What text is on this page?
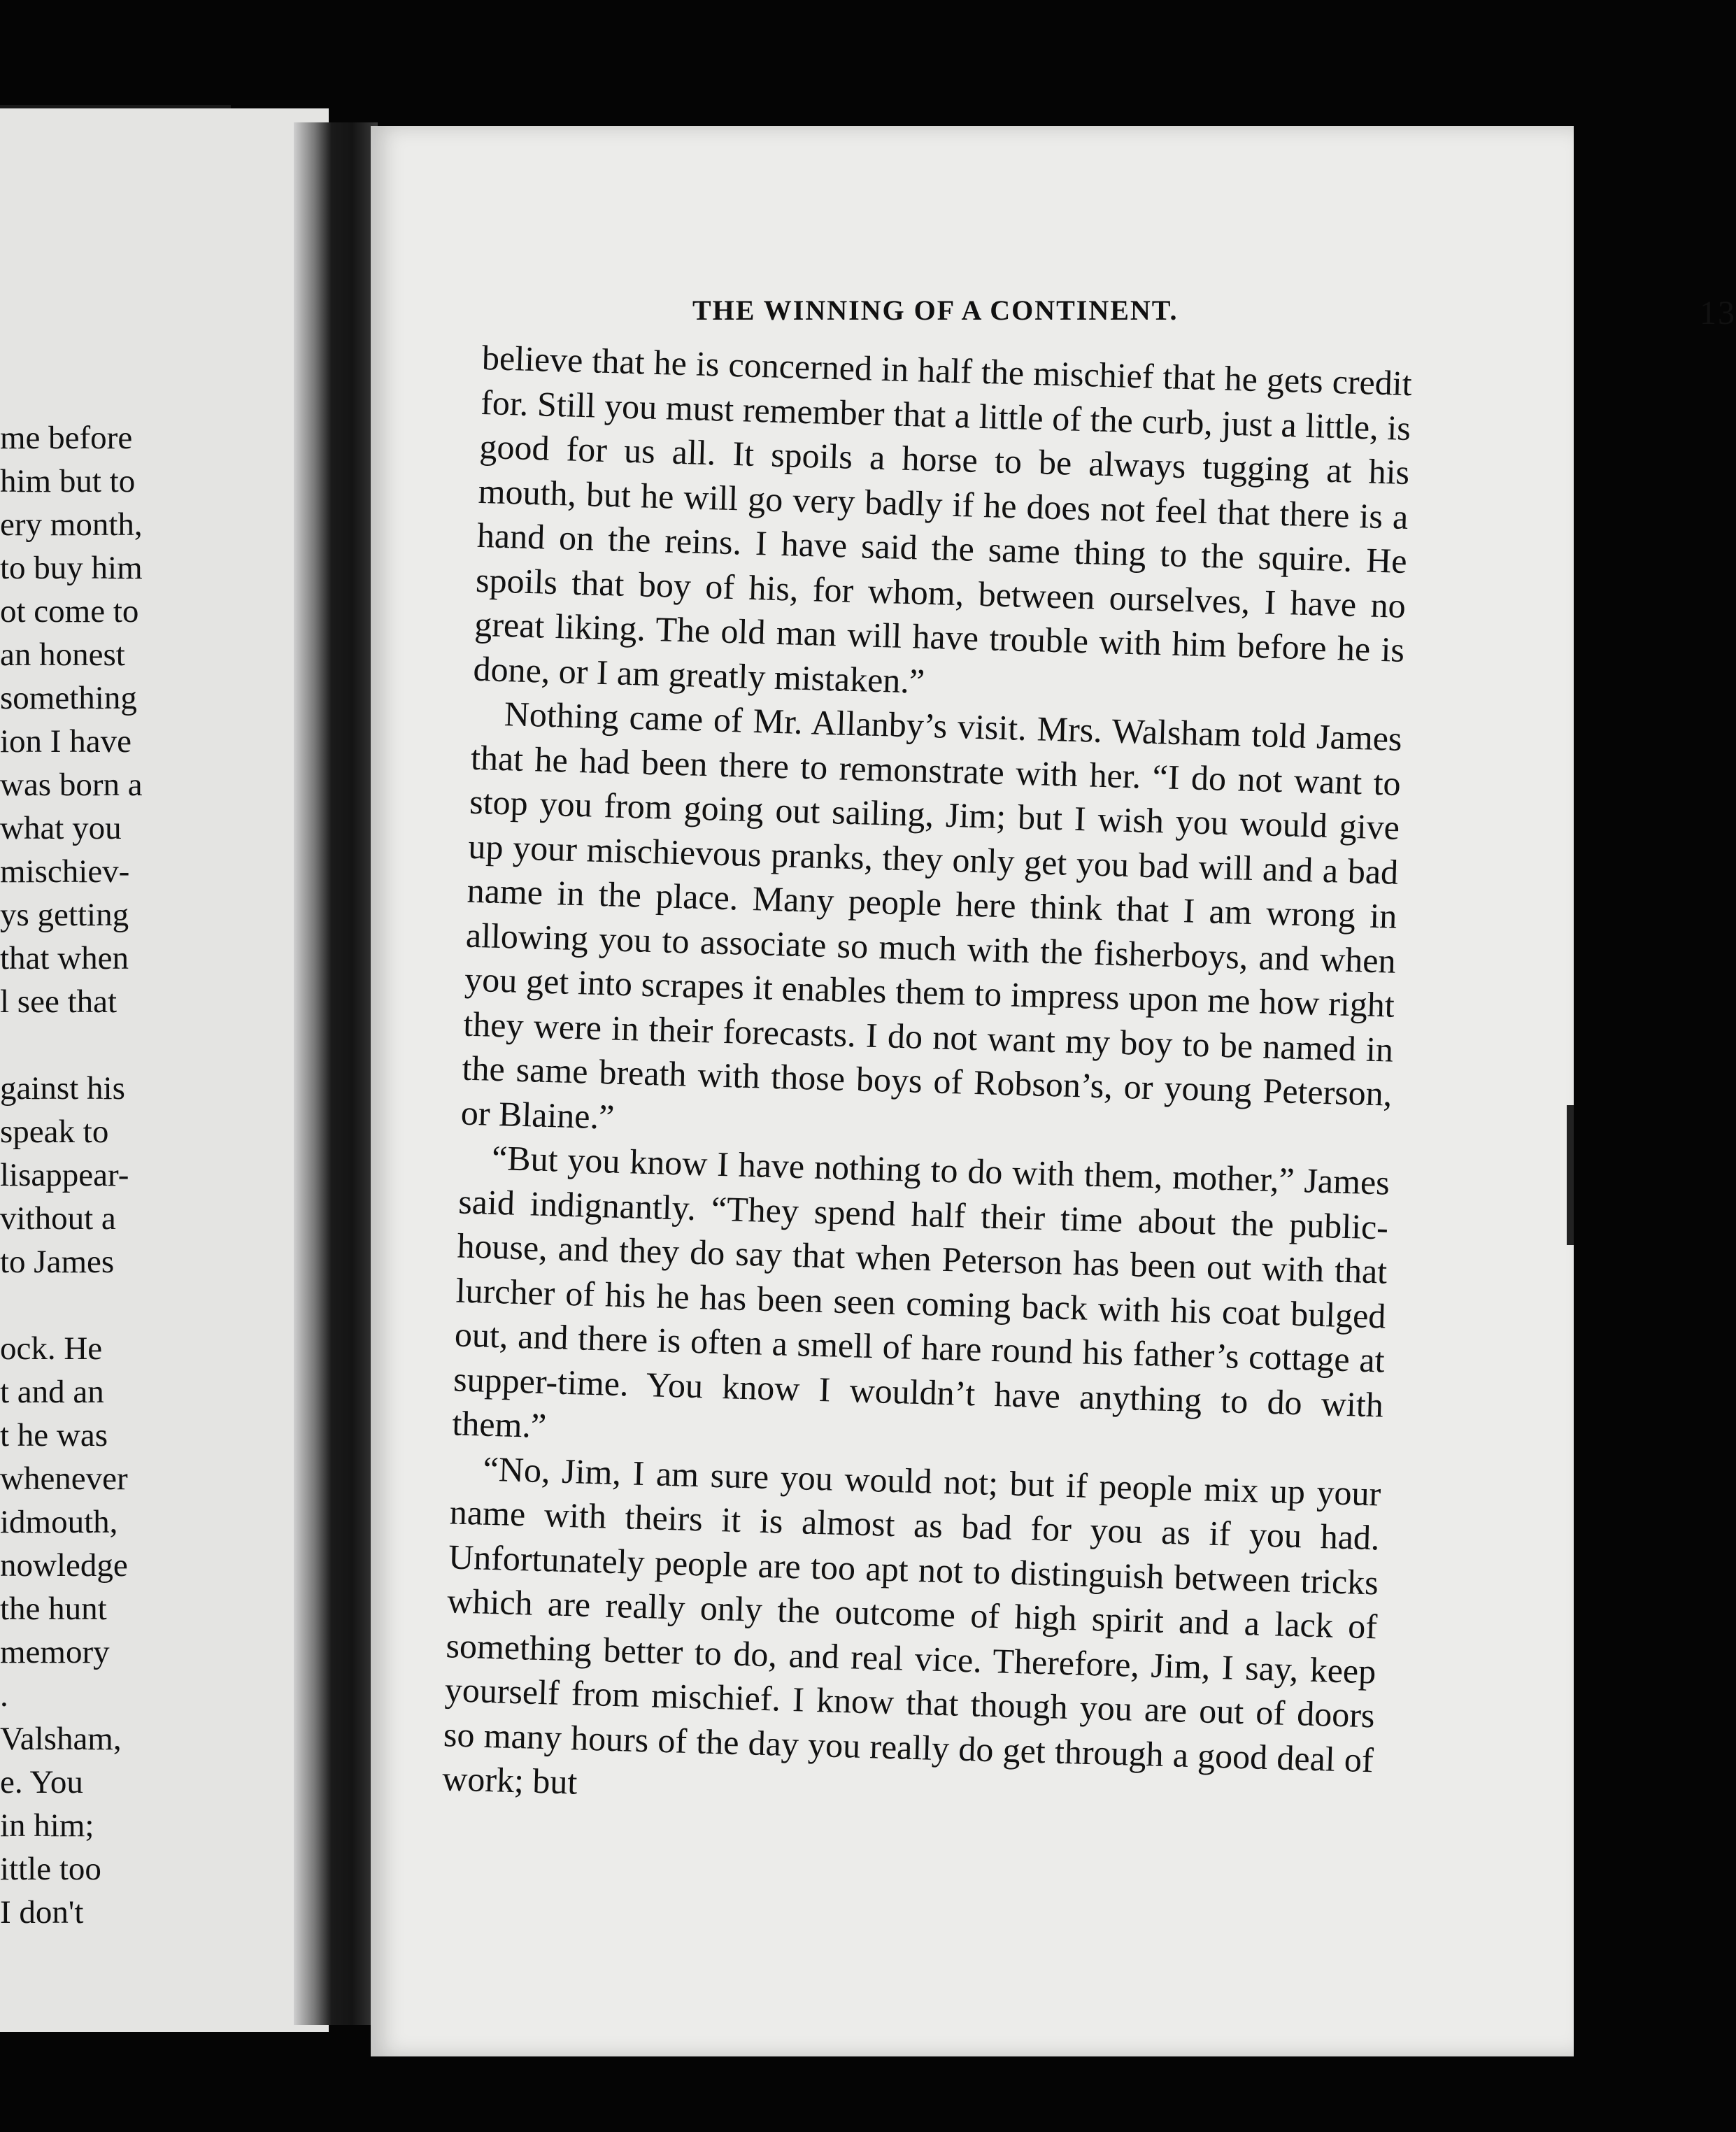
me before
him but to
ery month,
to buy him
ot come to
an honest
something
ion I have
was born a
what you
mischiev-
ys getting
that when
l see that

gainst his
speak to
lisappear-
vithout a
to James

ock. He
t and an
t he was
whenever
idmouth,
nowledge
the hunt
memory
.
Valsham,
e. You
in him;
ittle too
I don't
THE WINNING OF A CONTINENT.	13

believe that he is concerned in half the mischief that he gets credit for. Still you must remember that a little of the curb, just a little, is good for us all. It spoils a horse to be always tugging at his mouth, but he will go very badly if he does not feel that there is a hand on the reins. I have said the same thing to the squire. He spoils that boy of his, for whom, between ourselves, I have no great liking. The old man will have trouble with him before he is done, or I am greatly mistaken.”

Nothing came of Mr. Allanby’s visit. Mrs. Walsham told James that he had been there to remonstrate with her. “I do not want to stop you from going out sailing, Jim; but I wish you would give up your mischievous pranks, they only get you bad will and a bad name in the place. Many people here think that I am wrong in allowing you to associate so much with the fisherboys, and when you get into scrapes it enables them to impress upon me how right they were in their forecasts. I do not want my boy to be named in the same breath with those boys of Robson’s, or young Peterson, or Blaine.”

“But you know I have nothing to do with them, mother,” James said indignantly. “They spend half their time about the public-house, and they do say that when Peterson has been out with that lurcher of his he has been seen coming back with his coat bulged out, and there is often a smell of hare round his father’s cottage at supper-time. You know I wouldn’t have anything to do with them.”

“No, Jim, I am sure you would not; but if people mix up your name with theirs it is almost as bad for you as if you had. Unfortunately people are too apt not to distinguish between tricks which are really only the outcome of high spirit and a lack of something better to do, and real vice. Therefore, Jim, I say, keep yourself from mischief. I know that though you are out of doors so many hours of the day you really do get through a good deal of work; but
